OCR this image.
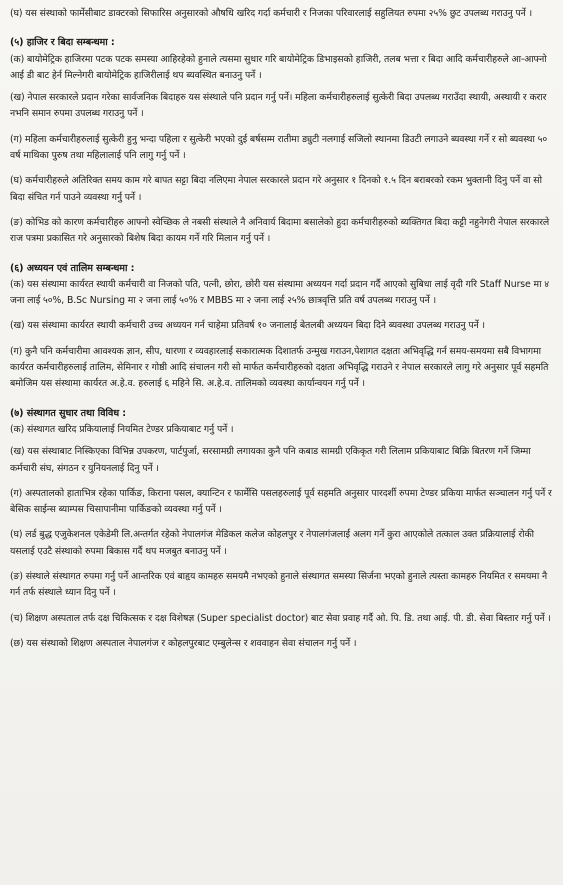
(घ) यस संस्थाको फार्मेसीबाट डाक्टरको सिफारिस अनुसारको औषधि खरिद गर्दा कर्मचारी र निजका परिवारलाई सहुलियत रुपमा २५% छुट उपलब्ध गराउनु पर्ने ।

(५) हाजिर र बिदा सम्बन्धमा :

(क) बायोमेट्रिक हाजिरमा पटक पटक समस्या आहिरहेको हुनाले त्यसमा सुधार गरि बायोमेट्रिक डिभाइसको हाजिरी, तलब भत्ता र बिदा आदि कर्मचारीहरुले आ-आफ्नो आई डी बाट हेर्न मिल्नेगरी बायोमेट्रिक हाजिरीलाई थप ब्यवस्थित बनाउनु पर्ने ।

(ख) नेपाल सरकारले प्रदान गरेका सार्वजनिक बिदाहरु यस संस्थाले पनि प्रदान गर्नु पर्ने। महिला कर्मचारीहरुलाई सुत्केरी बिदा उपलब्ध गराउँदा स्थायी, अस्थायी र करार नभनि समान रुपमा उपलब्ध गराउनु पर्ने ।

(ग) महिला कर्मचारीहरुलाई सुत्केरी हुनु भन्दा पहिला र सुत्केरी भएको दुई बर्षसम्म रातीमा ड्युटी नलगाई सजिलो स्थानमा डिउटी लगाउने ब्यवस्था गर्ने र सो ब्यवस्था ५० वर्ष माथिका पुरुष तथा महिलालाई पनि लागु गर्नु पर्ने ।

(घ) कर्मचारीहरुले अतिरिक्त समय काम गरे बापत सट्टा बिदा नलिएमा नेपाल सरकारले प्रदान गरे अनुसार १ दिनको १.५ दिन बराबरको रकम भुक्तानी दिनु पर्ने वा सो बिदा संचित गर्न पाउने व्यवस्था गर्नु पर्ने ।

(ङ) कोभिड को कारण कर्मचारीहरु आफ्नो स्वेच्छिक ले नबसी संस्थाले नै अनिवार्य बिदामा बसालेको हुदा कर्मचारीहरुको ब्यक्तिगत बिदा कट्टी नहुनेगरी नेपाल सरकारले राज पत्रमा प्रकासित गरे अनुसारको बिशेष बिदा कायम गर्ने गरि मिलान गर्नु पर्ने ।

(६) अध्ययन एवं तालिम सम्बन्धमा :

(क) यस संस्थामा कार्यरत स्थायी कर्मचारी वा निजको पति, पत्नी, छोरा, छोरी यस संस्थामा अध्ययन गर्दा प्रदान गर्दै आएको सुबिधा लाई वृदी गरि Staff Nurse मा ४ जना लाई ५०%, B.Sc Nursing मा २ जना लाई ५०% र MBBS मा २ जना लाई २५% छात्रवृत्ति प्रति वर्ष उपलब्ध गराउनु पर्ने ।

(ख) यस संस्थामा कार्यरत स्थायी कर्मचारी उच्च अध्ययन गर्न चाहेमा प्रतिवर्ष १० जनालाई बेतलबी अध्ययन बिदा दिने ब्यवस्था उपलब्ध गराउनु पर्ने ।

(ग) कुनै पनि कर्मचारीमा आवश्यक ज्ञान, सीप, धारणा र व्यवहारलाई सकारात्मक दिशातर्फ उन्मुख गराउन,पेशागत दक्षता अभिवृद्धि गर्न समय-समयमा सबै विभागमा कार्यरत कर्मचारीहरुलाई तालिम, सेमिनार र गोष्ठी आदि संचालन गरी सो मार्फत कर्मचारीहरुको दक्षता अभिवृद्धि गराउने र नेपाल सरकारले लागु गरे अनुसार पूर्व सहमति बमोजिम यस संस्थामा कार्यरत अ.हे.व. हरुलाई ६ महिने सि. अ.हे.व. तालिमको व्यवस्था कार्यान्वयन गर्नु पर्ने ।

(७) संस्थागत सुधार तथा विविध :

(क) संस्थागत खरिद प्रकियालाई नियमित टेण्डर प्रकियाबाट गर्नु पर्ने ।

(ख) यस संस्थाबाट निस्किएका विभिन्न उपकरण, पार्टपुर्जा, सरसामग्री लगायका कुनै पनि कबाड सामग्री एकिकृत गरी लिलाम प्रकियाबाट बिक्रि बितरण गर्ने जिम्मा कर्मचारी संघ, संगठन र युनियनलाई दिनु पर्ने ।

(ग) अस्पतालको हाताभित्र रहेका पार्किङ, किराना पसल, क्यान्टिन र फार्मेसि पसलहरुलाई पूर्व सहमति अनुसार पारदर्शी रुपमा टेण्डर प्रकिया मार्फत सञ्चालन गर्नु पर्ने र बेसिक साईन्स ब्याम्पस चिसापानीमा पार्किङको व्यवस्था गर्नु पर्ने ।

(घ) लर्ड बुद्ध एजुकेशनल एकेडेमी लि.अन्तर्गत रहेको नेपालगंज मेडिकल कलेज कोहलपुर र नेपालगंजलाई अलग गर्ने कुरा आएकोले तत्काल उक्त प्रक्रियालाई रोकी यसलाई एउटै संस्थाको रुपमा बिकास गर्दै थप मजबुत बनाउनु पर्ने ।

(ङ) संस्थाले संस्थागत रुपमा गर्नु पर्ने आन्तरिक एवं बाहृय कामहरु समयमै नभएको हुनाले संस्थागत समस्या सिर्जना भएको हुनाले त्यस्ता कामहरु नियमित र समयमा नै गर्न तर्फ संस्थाले ध्यान दिनु पर्ने ।

(च) शिक्षण अस्पताल तर्फ दक्ष चिकित्सक र दक्ष विशेषज्ञ (Super specialist doctor) बाट सेवा प्रवाह गर्दै ओ. पि. डि. तथा आई. पी. डी. सेवा बिस्तार गर्नु पर्ने ।

(छ) यस संस्थाको शिक्षण अस्पताल नेपालगंज र कोहलपुरबाट एम्बुलेन्स र शववाहन सेवा संचालन गर्नु पर्ने ।
